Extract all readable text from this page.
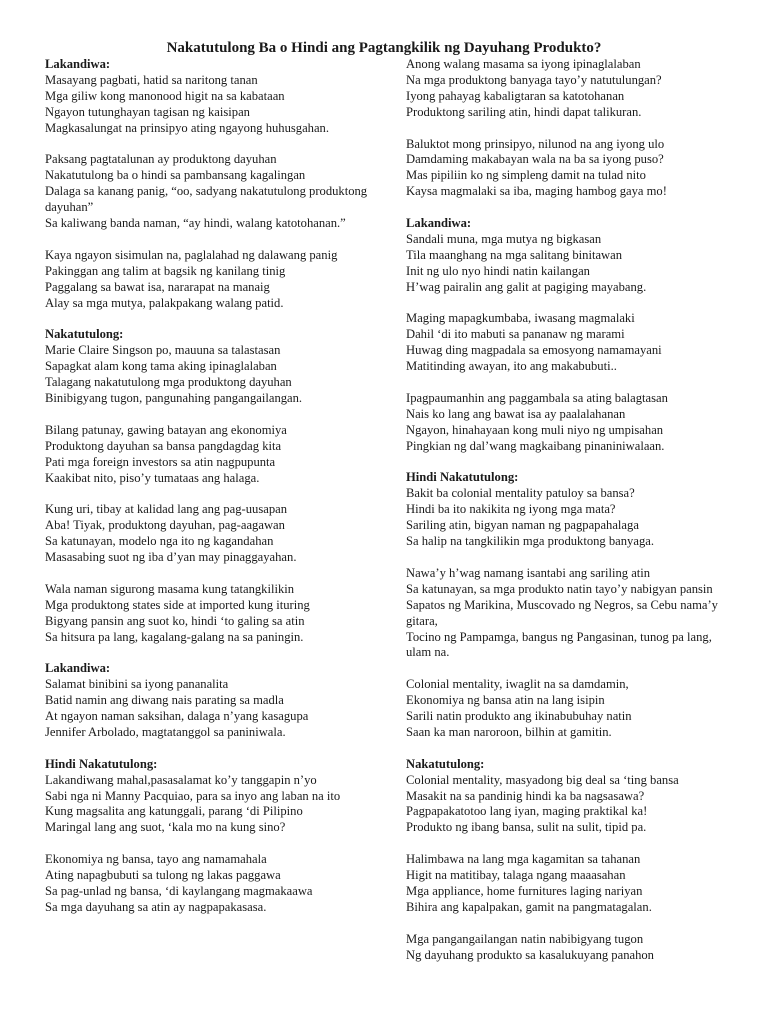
Nakatutulong Ba o Hindi ang Pagtangkilik ng Dayuhang Produkto?
Lakandiwa:
Masayang pagbati, hatid sa naritong tanan
Mga giliw kong manonood higit na sa kabataan
Ngayon tutunghayan tagisan ng kaisipan
Magkasalungat na prinsipyo ating ngayong huhusgahan.
Paksang pagtatalunan ay produktong dayuhan
Nakatutulong ba o hindi sa pambansang kagalingan
Dalaga sa kanang panig, “oo, sadyang nakatutulong produktong dayuhan”
Sa kaliwang banda naman, “ay hindi, walang katotohanan.”
Kaya ngayon sisimulan na, paglalahad ng dalawang panig
Pakinggan ang talim at bagsik ng kanilang tinig
Paggalang sa bawat isa, nararapat na manaig
Alay sa mga mutya, palakpakang walang patid.
Nakatutulong:
Marie Claire Singson po, mauuna sa talastasan
Sapagkat alam kong tama aking ipinaglalaban
Talagang nakatutulong mga produktong dayuhan
Binibigyang tugon, pangunahing pangangailangan.
Bilang patunay, gawing batayan ang ekonomiya
Produktong dayuhan sa bansa pangdagdag kita
Pati mga foreign investors sa atin nagpupunta
Kaakibat nito, piso’y tumataas ang halaga.
Kung uri, tibay at kalidad lang ang pag-uusapan
Aba! Tiyak, produktong dayuhan, pag-aagawan
Sa katunayan, modelo nga ito ng kagandahan
Masasabing suot ng iba d’yan may pinaggayahan.
Wala naman sigurong masama kung tatangkilikin
Mga produktong states side at imported kung ituring
Bigyang pansin ang suot ko, hindi ‘to galing sa atin
Sa hitsura pa lang, kagalang-galang na sa paningin.
Lakandiwa:
Salamat binibini sa iyong pananalita
Batid namin ang diwang nais parating sa madla
At ngayon naman saksihan, dalaga n’yang kasagupa
Jennifer Arbolado, magtatanggol sa paniniwala.
Hindi Nakatutulong:
Lakandiwang mahal,pasasalamat ko’y tanggapin n’yo
Sabi nga ni Manny Pacquiao, para sa inyo ang laban na ito
Kung magsalita ang katunggali, parang ‘di Pilipino
Maringal lang ang suot, ‘kala mo na kung sino?
Ekonomiya ng bansa, tayo ang namamahala
Ating napagbubuti sa tulong ng lakas paggawa
Sa pag-unlad ng bansa, ‘di kaylangang magmakaawa
Sa mga dayuhang sa atin ay nagpapakasasa.
Anong walang masama sa iyong ipinaglalaban
Na mga produktong banyaga tayo’y natutulungan?
Iyong pahayag kabaligtaran sa katotohanan
Produktong sariling atin, hindi dapat talikuran.
Baluktot mong prinsipyo, nilunod na ang iyong ulo
Damdaming makabayan wala na ba sa iyong puso?
Mas pipiliin ko ng simpleng damit na tulad nito
Kaysa magmalaki sa iba, maging hambog gaya mo!
Lakandiwa:
Sandali muna, mga mutya ng bigkasan
Tila maanghang na mga salitang binitawan
Init ng ulo nyo hindi natin kailangan
H’wag pairalin ang galit at pagiging mayabang.
Maging mapagkumbaba, iwasang magmalaki
Dahil ‘di ito mabuti sa pananaw ng marami
Huwag ding magpadala sa emosyong namamayani
Matitinding awayan, ito ang makabubuti..
Ipagpaumanhin ang paggambala sa ating balagtasan
Nais ko lang ang bawat isa ay paalalahanan
Ngayon, hinahayaan kong muli niyo ng umpisahan
Pingkian ng dal’wang magkaibang pinaniniwalaan.
Hindi Nakatutulong:
Bakit ba colonial mentality patuloy sa bansa?
Hindi ba ito nakikita ng iyong mga mata?
Sariling atin, bigyan naman ng pagpapahalaga
Sa halip na tangkilikin mga produktong banyaga.
Nawa’y h’wag namang isantabi ang sariling atin
Sa katunayan, sa mga produkto natin tayo’y nabigyan pansin
Sapatos ng Marikina, Muscovado ng Negros, sa Cebu nama’y gitara,
Tocino ng Pampamga, bangus ng Pangasinan, tunog pa lang, ulam na.
Colonial mentality, iwaglit na sa damdamin,
Ekonomiya ng bansa atin na lang isipin
Sarili natin produkto ang ikinabubuhay natin
Saan ka man naroroon, bilhin at gamitin.
Nakatutulong:
Colonial mentality, masyadong big deal sa ‘ting bansa
Masakit na sa pandinig hindi ka ba nagsasawa?
Pagpapakatotoo lang iyan, maging praktikal ka!
Produkto ng ibang bansa, sulit na sulit, tipid pa.
Halimbawa na lang mga kagamitan sa tahanan
Higit na matitibay, talaga ngang maaasahan
Mga appliance, home furnitures laging nariyan
Bihira ang kapalpakan, gamit na pangmatagalan.
Mga pangangailangan natin nabibigyang tugon
Ng dayuhang produkto sa kasalukuyang panahon
